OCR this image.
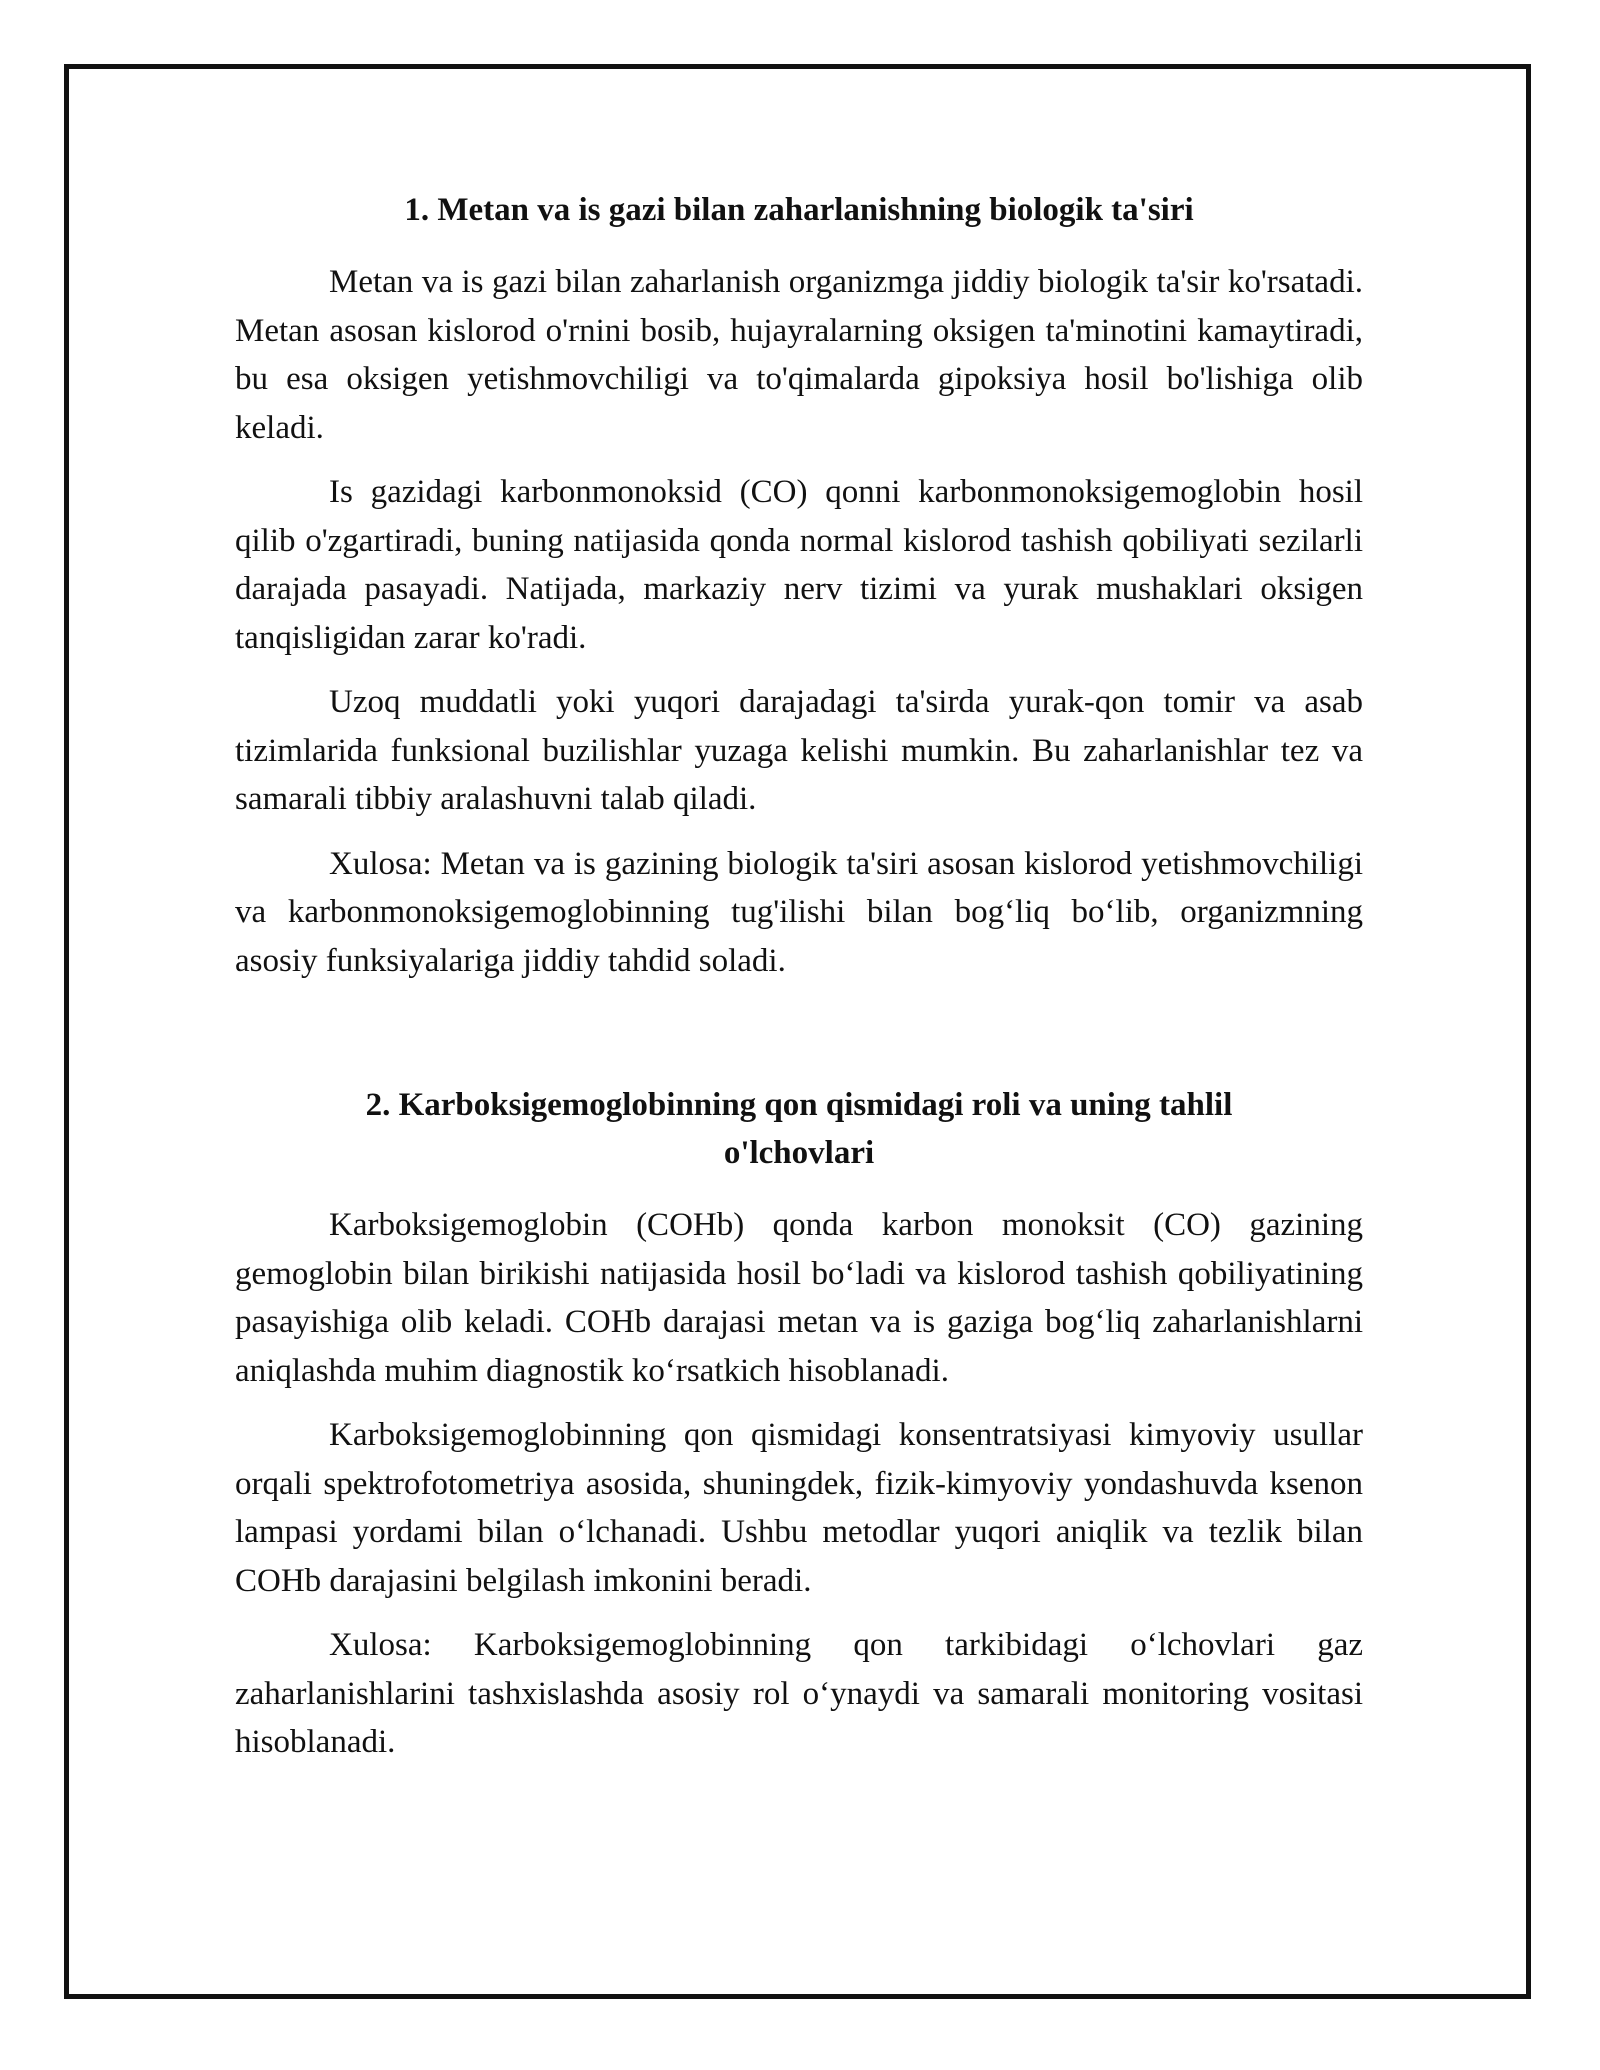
1. Metan va is gazi bilan zaharlanishning biologik ta'siri

Metan va is gazi bilan zaharlanish organizmga jiddiy biologik ta'sir ko'rsatadi. Metan asosan kislorod o'rnini bosib, hujayralarning oksigen ta'minotini kamaytiradi, bu esa oksigen yetishmovchiligi va to'qimalarda gipoksiya hosil bo'lishiga olib keladi.

Is gazidagi karbonmonoksid (CO) qonni karbonmonoksigemoglobin hosil qilib o'zgartiradi, buning natijasida qonda normal kislorod tashish qobiliyati sezilarli darajada pasayadi. Natijada, markaziy nerv tizimi va yurak mushaklari oksigen tanqisligidan zarar ko'radi.

Uzoq muddatli yoki yuqori darajadagi ta'sirda yurak-qon tomir va asab tizimlarida funksional buzilishlar yuzaga kelishi mumkin. Bu zaharlanishlar tez va samarali tibbiy aralashuvni talab qiladi.

Xulosa: Metan va is gazining biologik ta'siri asosan kislorod yetishmovchiligi va karbonmonoksigemoglobinning tug'ilishi bilan bog‘liq bo‘lib, organizmning asosiy funksiyalariga jiddiy tahdid soladi.

2. Karboksigemoglobinning qon qismidagi roli va uning tahlil o'lchovlari

Karboksigemoglobin (COHb) qonda karbon monoksit (CO) gazining gemoglobin bilan birikishi natijasida hosil bo‘ladi va kislorod tashish qobiliyatining pasayishiga olib keladi. COHb darajasi metan va is gaziga bog‘liq zaharlanishlarni aniqlashda muhim diagnostik ko‘rsatkich hisoblanadi.

Karboksigemoglobinning qon qismidagi konsentratsiyasi kimyoviy usullar orqali spektrofotometriya asosida, shuningdek, fizik-kimyoviy yondashuvda ksenon lampasi yordami bilan o‘lchanadi. Ushbu metodlar yuqori aniqlik va tezlik bilan COHb darajasini belgilash imkonini beradi.

Xulosa: Karboksigemoglobinning qon tarkibidagi o‘lchovlari gaz zaharlanishlarini tashxislashda asosiy rol o‘ynaydi va samarali monitoring vositasi hisoblanadi.
